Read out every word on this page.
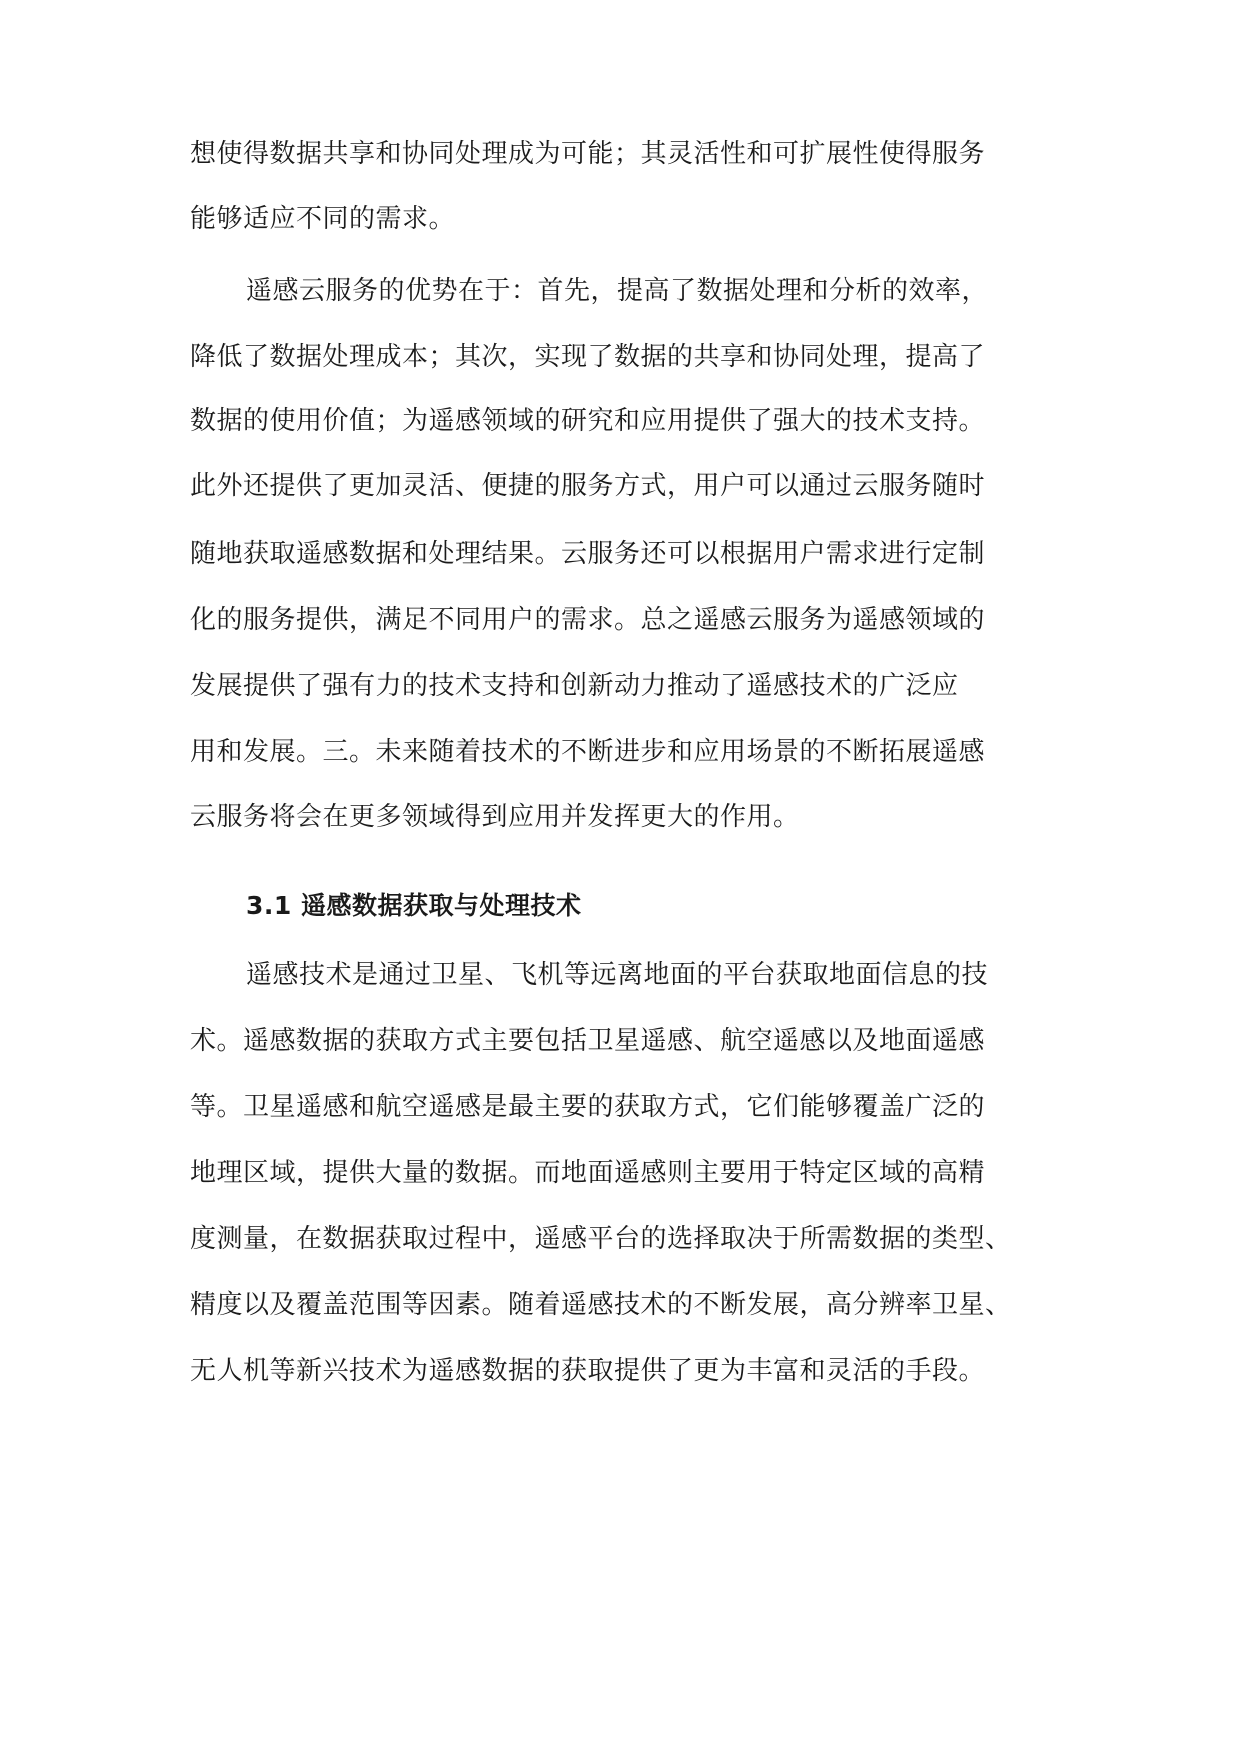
想使得数据共享和协同处理成为可能；其灵活性和可扩展性使得服务
能够适应不同的需求。
遥感云服务的优势在于：首先，提高了数据处理和分析的效率，
降低了数据处理成本；其次，实现了数据的共享和协同处理，提高了
数据的使用价值；为遥感领域的研究和应用提供了强大的技术支持。
此外还提供了更加灵活、便捷的服务方式，用户可以通过云服务随时
随地获取遥感数据和处理结果。云服务还可以根据用户需求进行定制
化的服务提供，满足不同用户的需求。总之遥感云服务为遥感领域的
发展提供了强有力的技术支持和创新动力推动了遥感技术的广泛应
用和发展。三。未来随着技术的不断进步和应用场景的不断拓展遥感
云服务将会在更多领域得到应用并发挥更大的作用。
3.1 遥感数据获取与处理技术
遥感技术是通过卫星、飞机等远离地面的平台获取地面信息的技
术。遥感数据的获取方式主要包括卫星遥感、航空遥感以及地面遥感
等。卫星遥感和航空遥感是最主要的获取方式，它们能够覆盖广泛的
地理区域，提供大量的数据。而地面遥感则主要用于特定区域的高精
度测量，在数据获取过程中，遥感平台的选择取决于所需数据的类型、
精度以及覆盖范围等因素。随着遥感技术的不断发展，高分辨率卫星、
无人机等新兴技术为遥感数据的获取提供了更为丰富和灵活的手段。
